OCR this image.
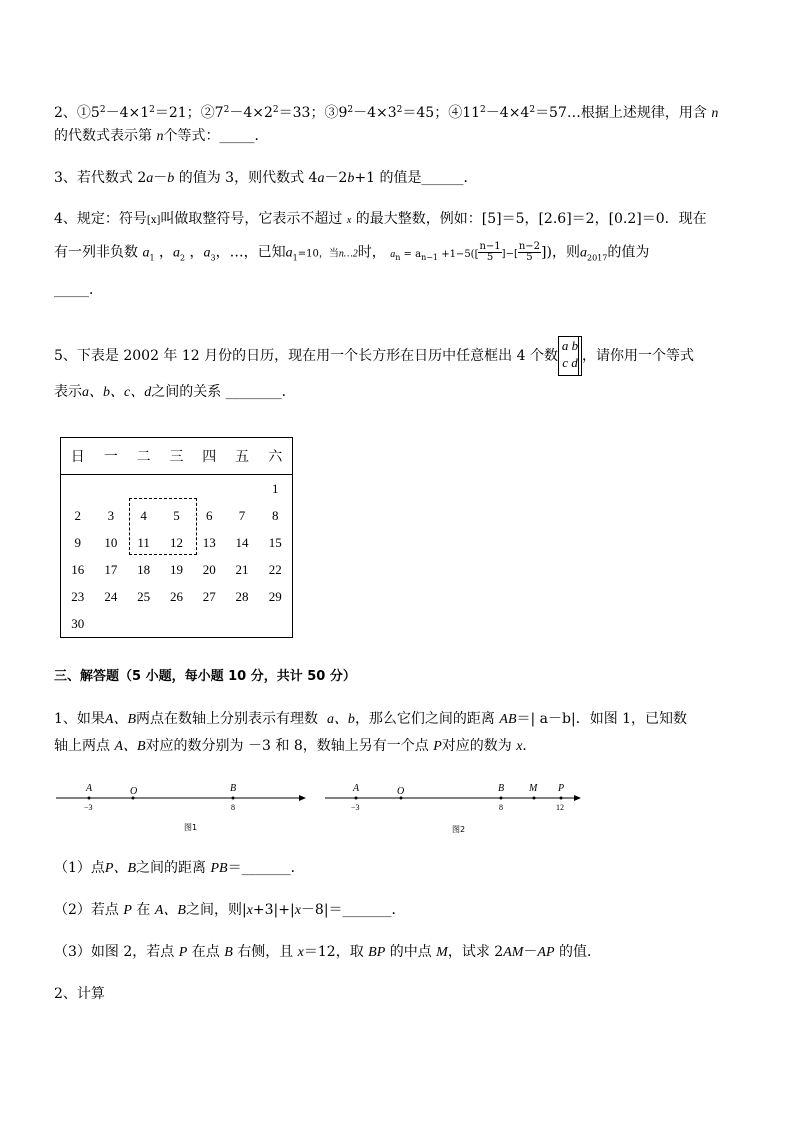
2、$①5^2-4\times 1^2=21$；$②7^2-4\times 2^2=33$；$③9^2-4\times 3^2=45$；$④11^2-4\times 4^2=57\dots$根据上述规律，用含 n
的代数式表示第 n个等式：_____．
3、若代数式 2a－b 的值为 3，则代数式 4a－2b+1 的值是______．
4、规定：符号[x]叫做取整符号，它表示不超过 x 的最大整数，例如：[5]＝5，[2.6]＝2，[0.2]＝0．现在
有一列非负数 $a_1$ ，$a_2$ ，$a_3$，…，已知$a_1=10$，当n…2时， $a_n = a_{n-1} +1-5([ \frac{n-1}{5}$ ]−[ $\frac{n-2}{5}$ ])，则$a_{2017}$的值为
_____．
5、下表是 2002 年 12 月份的日历，现在用一个长方形在日历中任意框出 4 个数
a b
c d ，请你用一个等式
表示a、b、c、d之间的关系 ________．
日	一	二	三	四	五	六
						1
2	3	4	5	6	7	8
9	10	11	12	13	14	15
16	17	18	19	20	21	22
23	24	25	26	27	28	29
30						
三、解答题（5 小题，每小题 10 分，共计 50 分）
1、如果A、B两点在数轴上分别表示有理数 a、b，那么它们之间的距离 AB＝| a－b|．如图 1，已知数
轴上两点 A、B对应的数分别为 －3 和 8，数轴上另有一个点 P对应的数为 x．
A	O	B
−3	8
图1
A	O	B M P
−3	8	12
图2
（1）点P、B之间的距离 PB＝_______．
（2）若点 P 在 A、B之间，则|x+3|+|x－8|＝_______．
（3）如图 2，若点 P 在点 B 右侧，且 x＝12，取 BP 的中点 M，试求 2AM－AP 的值．
2、计算
